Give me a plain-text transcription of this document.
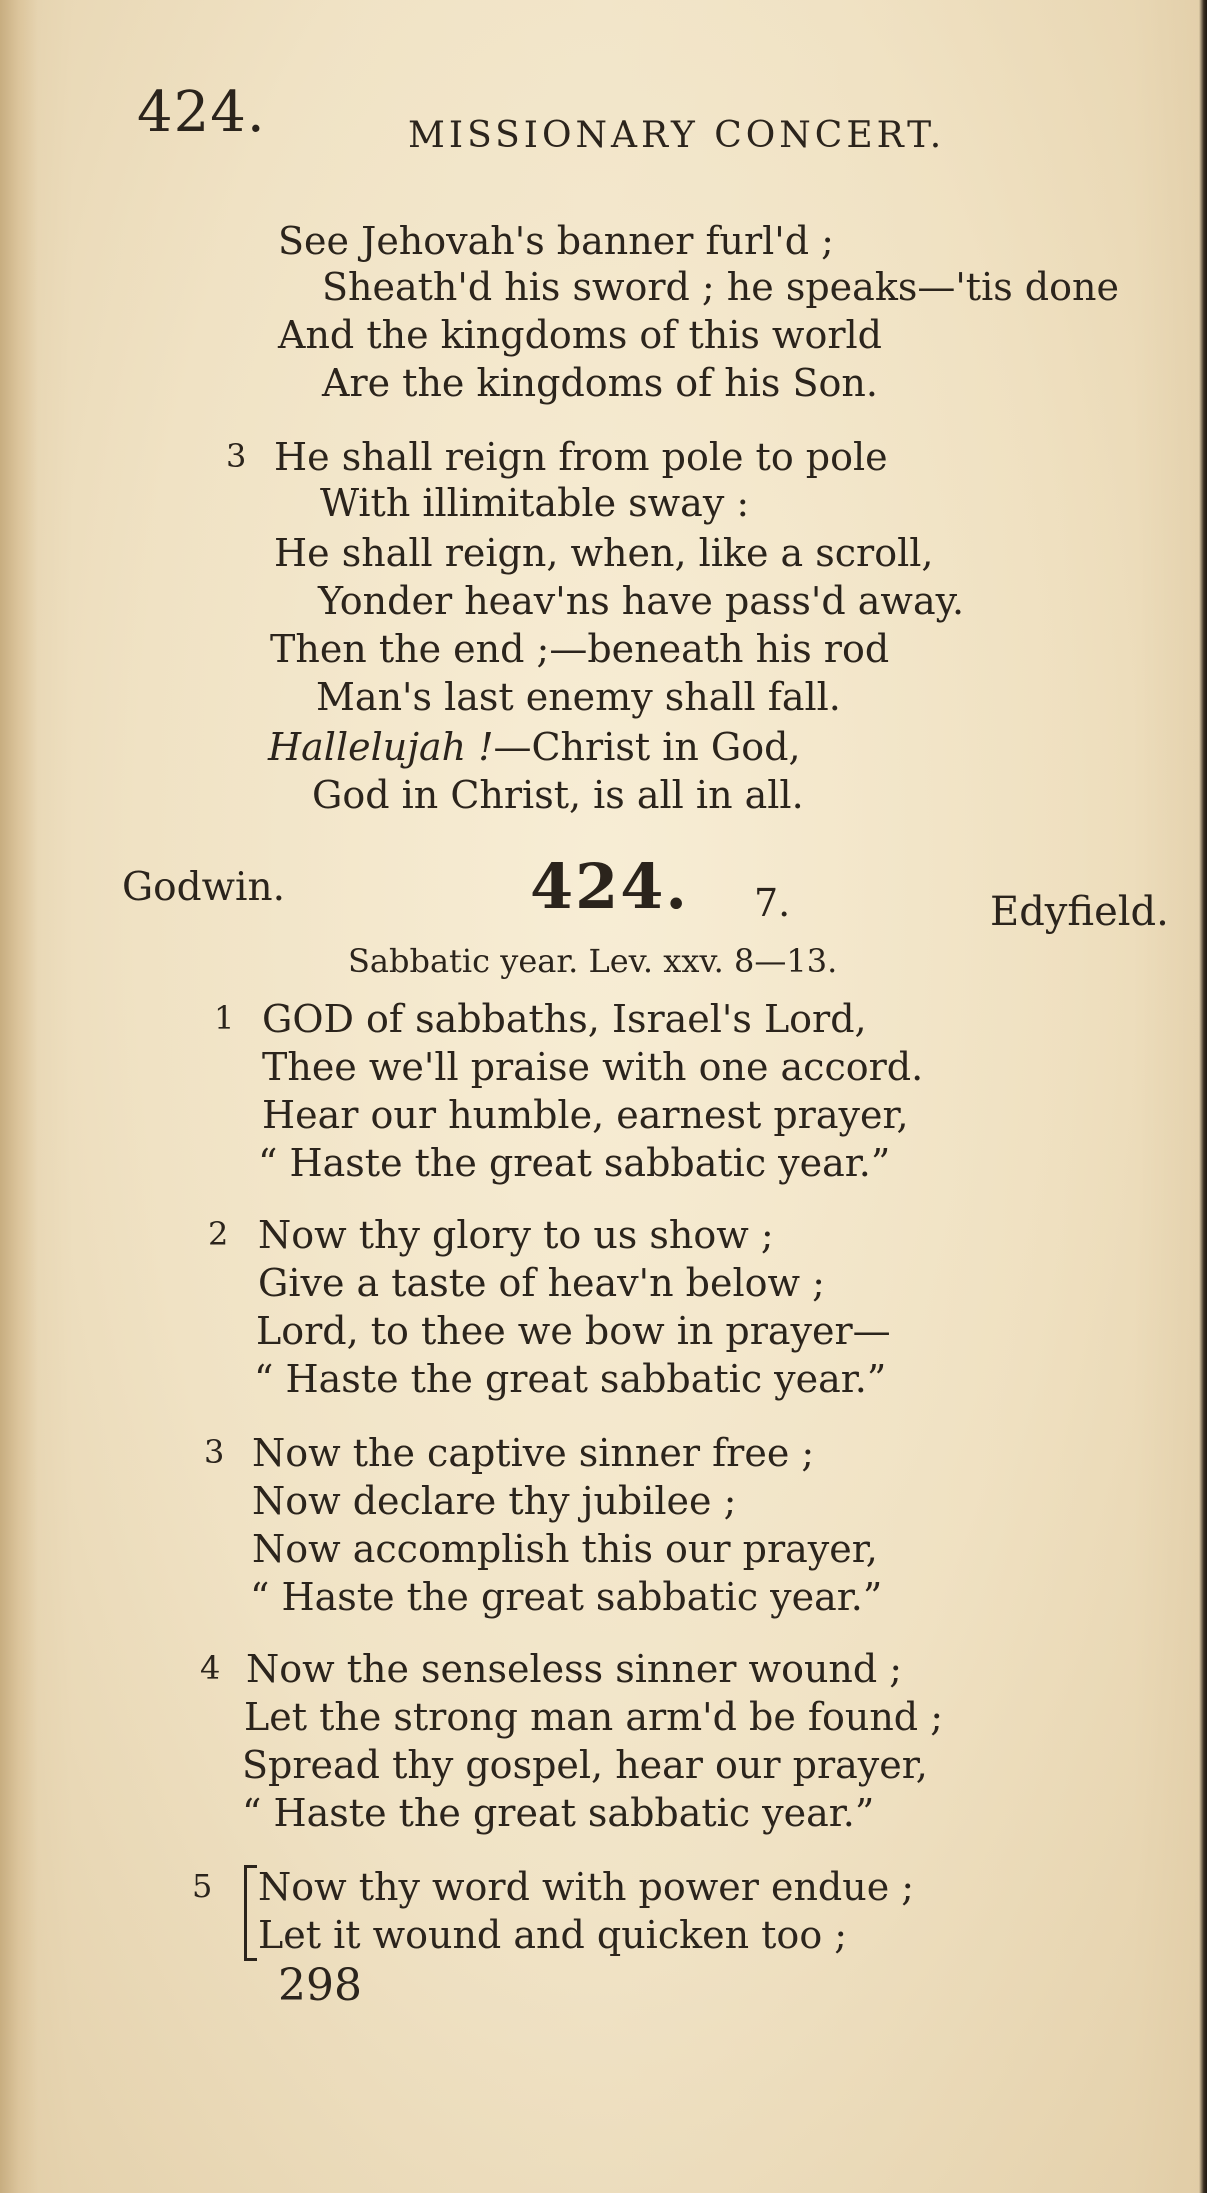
424.	MISSIONARY CONCERT.
See Jehovah's banner furl'd ;
Sheath'd his sword ; he speaks—'tis done
And the kingdoms of this world
Are the kingdoms of his Son.
3 He shall reign from pole to pole
With illimitable sway :
He shall reign, when, like a scroll,
Yonder heav'ns have pass'd away.
Then the end ;—beneath his rod
Man's last enemy shall fall.
Hallelujah !—Christ in God,
God in Christ, is all in all.
Godwin.	424. 7.	Edyfield.
Sabbatic year. Lev. xxv. 8—13.
1 GOD of sabbaths, Israel's Lord,
Thee we'll praise with one accord.
Hear our humble, earnest prayer,
“ Haste the great sabbatic year.”
2 Now thy glory to us show ;
Give a taste of heav'n below ;
Lord, to thee we bow in prayer—
“ Haste the great sabbatic year.”
3 Now the captive sinner free ;
Now declare thy jubilee ;
Now accomplish this our prayer,
“ Haste the great sabbatic year.”
4 Now the senseless sinner wound ;
Let the strong man arm'd be found ;
Spread thy gospel, hear our prayer,
“ Haste the great sabbatic year.”
5 Now thy word with power endue ;
Let it wound and quicken too ;
298
